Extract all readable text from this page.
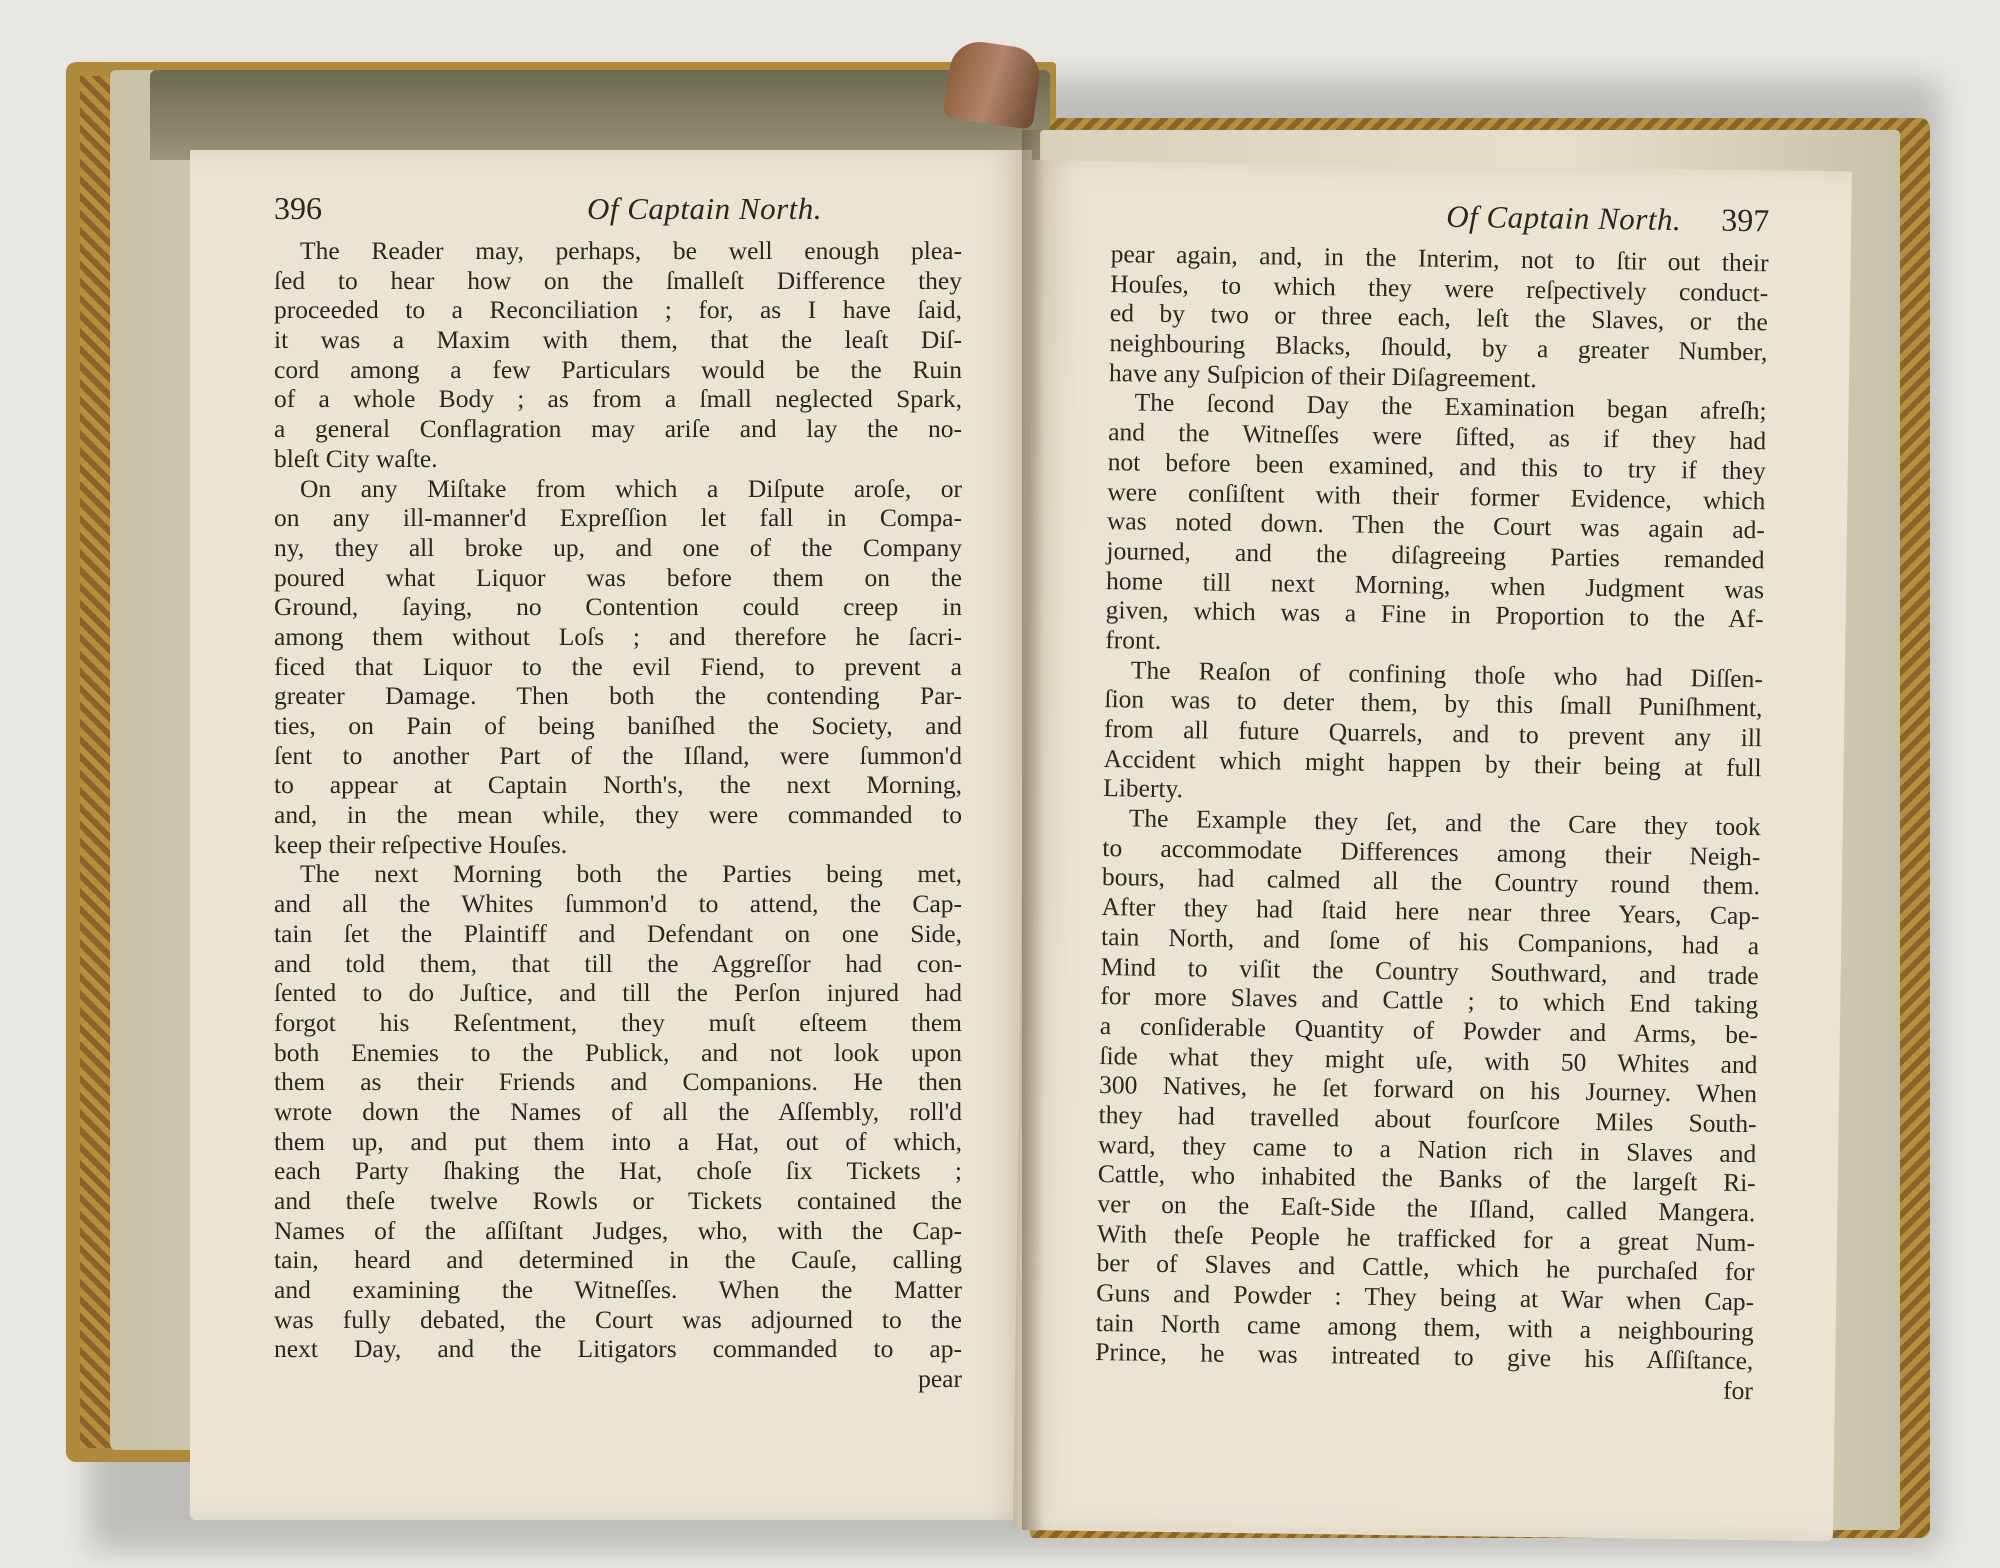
396	Of Captain North.
The Reader may, perhaps, be well enough plea-
ſed to hear how on the ſmalleſt Difference they
proceeded to a Reconciliation ; for, as I have ſaid,
it was a Maxim with them, that the leaſt Diſ-
cord among a few Particulars would be the Ruin
of a whole Body ; as from a ſmall neglected Spark,
a general Conflagration may ariſe and lay the no-
bleſt City waſte.
On any Miſtake from which a Diſpute aroſe, or
on any ill-manner'd Expreſſion let fall in Compa-
ny, they all broke up, and one of the Company
poured what Liquor was before them on the
Ground, ſaying, no Contention could creep in
among them without Loſs ; and therefore he ſacri-
ficed that Liquor to the evil Fiend, to prevent a
greater Damage. Then both the contending Par-
ties, on Pain of being baniſhed the Society, and
ſent to another Part of the Iſland, were ſummon'd
to appear at Captain North's, the next Morning,
and, in the mean while, they were commanded to
keep their reſpective Houſes.
The next Morning both the Parties being met,
and all the Whites ſummon'd to attend, the Cap-
tain ſet the Plaintiff and Defendant on one Side,
and told them, that till the Aggreſſor had con-
ſented to do Juſtice, and till the Perſon injured had
forgot his Reſentment, they muſt eſteem them
both Enemies to the Publick, and not look upon
them as their Friends and Companions. He then
wrote down the Names of all the Aſſembly, roll'd
them up, and put them into a Hat, out of which,
each Party ſhaking the Hat, choſe ſix Tickets ;
and theſe twelve Rowls or Tickets contained the
Names of the aſſiſtant Judges, who, with the Cap-
tain, heard and determined in the Cauſe, calling
and examining the Witneſſes. When the Matter
was fully debated, the Court was adjourned to the
next Day, and the Litigators commanded to ap-
pear
Of Captain North. 397
pear again, and, in the Interim, not to ſtir out their
Houſes, to which they were reſpectively conduct-
ed by two or three each, leſt the Slaves, or the
neighbouring Blacks, ſhould, by a greater Number,
have any Suſpicion of their Diſagreement.
The ſecond Day the Examination began afreſh;
and the Witneſſes were ſifted, as if they had
not before been examined, and this to try if they
were conſiſtent with their former Evidence, which
was noted down. Then the Court was again ad-
journed, and the diſagreeing Parties remanded
home till next Morning, when Judgment was
given, which was a Fine in Proportion to the Af-
front.
The Reaſon of confining thoſe who had Diſſen-
ſion was to deter them, by this ſmall Puniſhment,
from all future Quarrels, and to prevent any ill
Accident which might happen by their being at full
Liberty.
The Example they ſet, and the Care they took
to accommodate Differences among their Neigh-
bours, had calmed all the Country round them.
After they had ſtaid here near three Years, Cap-
tain North, and ſome of his Companions, had a
Mind to viſit the Country Southward, and trade
for more Slaves and Cattle ; to which End taking
a conſiderable Quantity of Powder and Arms, be-
ſide what they might uſe, with 50 Whites and
300 Natives, he ſet forward on his Journey. When
they had travelled about fourſcore Miles South-
ward, they came to a Nation rich in Slaves and
Cattle, who inhabited the Banks of the largeſt Ri-
ver on the Eaſt-Side the Iſland, called Mangera.
With theſe People he trafficked for a great Num-
ber of Slaves and Cattle, which he purchaſed for
Guns and Powder : They being at War when Cap-
tain North came among them, with a neighbouring
Prince, he was intreated to give his Aſſiſtance,
for
